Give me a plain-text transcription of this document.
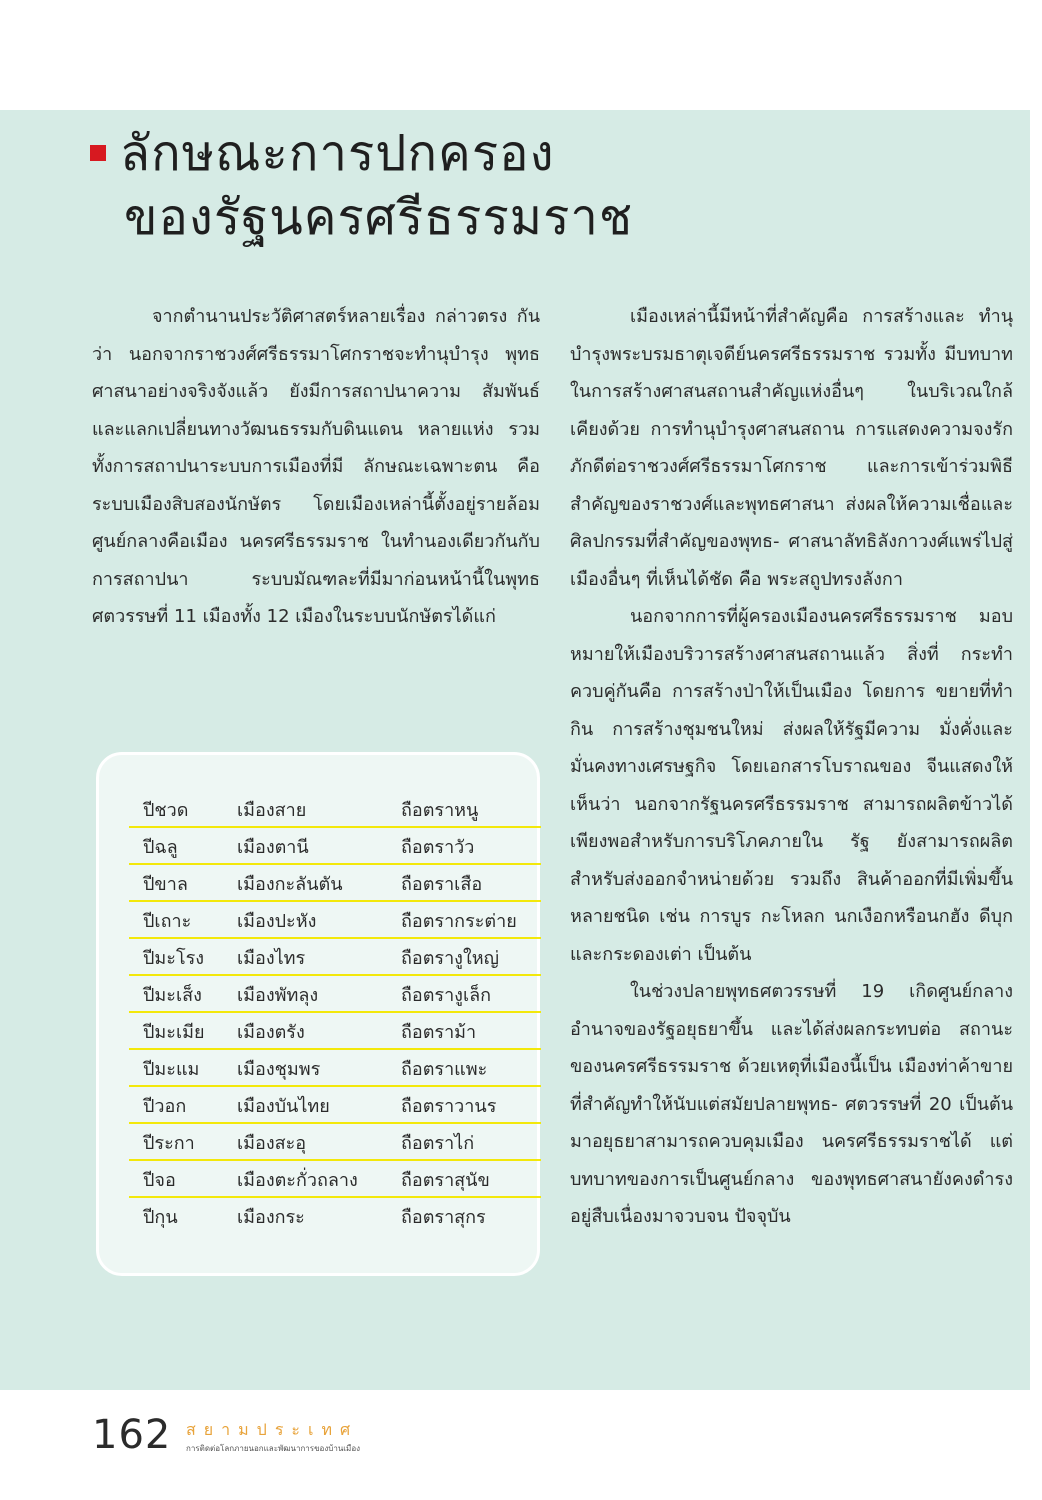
ลักษณะการปกครอง
ของรัฐนครศรีธรรมราช

จากตำนานประวัติศาสตร์หลายเรื่อง กล่าวตรง กันว่า นอกจากราชวงศ์ศรีธรรมาโศกราชจะทำนุบำรุง พุทธศาสนาอย่างจริงจังแล้ว ยังมีการสถาปนาความ สัมพันธ์และแลกเปลี่ยนทางวัฒนธรรมกับดินแดน หลายแห่ง รวมทั้งการสถาปนาระบบการเมืองที่มี ลักษณะเฉพาะตน คือ ระบบเมืองสิบสองนักษัตร โดยเมืองเหล่านี้ตั้งอยู่รายล้อมศูนย์กลางคือเมือง นครศรีธรรมราช ในทำนองเดียวกันกับการสถาปนา	ระบบมัณฑละที่มีมาก่อนหน้านี้ในพุทธศตวรรษที่ 11 เมืองทั้ง 12 เมืองในระบบนักษัตรได้แก่

เมืองเหล่านี้มีหน้าที่สำคัญคือ การสร้างและ ทำนุบำรุงพระบรมธาตุเจดีย์นครศรีธรรมราช รวมทั้ง มีบทบาทในการสร้างศาสนสถานสำคัญแห่งอื่นๆ ในบริเวณใกล้เคียงด้วย การทำนุบำรุงศาสนสถาน การแสดงความจงรักภักดีต่อราชวงศ์ศรีธรรมาโศกราช และการเข้าร่วมพิธีสำคัญของราชวงศ์และพุทธศาสนา ส่งผลให้ความเชื่อและศิลปกรรมที่สำคัญของพุทธ- ศาสนาลัทธิลังกาวงศ์แพร่ไปสู่เมืองอื่นๆ ที่เห็นได้ชัด คือ พระสถูปทรงลังกา

นอกจากการที่ผู้ครองเมืองนครศรีธรรมราช มอบหมายให้เมืองบริวารสร้างศาสนสถานแล้ว สิ่งที่ กระทำควบคู่กันคือ การสร้างป่าให้เป็นเมือง โดยการ ขยายที่ทำกิน การสร้างชุมชนใหม่ ส่งผลให้รัฐมีความ มั่งคั่งและมั่นคงทางเศรษฐกิจ โดยเอกสารโบราณของ จีนแสดงให้เห็นว่า นอกจากรัฐนครศรีธรรมราช สามารถผลิตข้าวได้เพียงพอสำหรับการบริโภคภายใน รัฐ ยังสามารถผลิตสำหรับส่งออกจำหน่ายด้วย รวมถึง สินค้าออกที่มีเพิ่มขึ้นหลายชนิด เช่น การบูร กะโหลก นกเงือกหรือนกฮัง ดีบุก และกระดองเต่า เป็นต้น

ในช่วงปลายพุทธศตวรรษที่ 19 เกิดศูนย์กลาง อำนาจของรัฐอยุธยาขึ้น และได้ส่งผลกระทบต่อ สถานะของนครศรีธรรมราช ด้วยเหตุที่เมืองนี้เป็น เมืองท่าค้าขายที่สำคัญทำให้นับแต่สมัยปลายพุทธ- ศตวรรษที่ 20 เป็นต้นมาอยุธยาสามารถควบคุมเมือง นครศรีธรรมราชได้ แต่บทบาทของการเป็นศูนย์กลาง ของพุทธศาสนายังคงดำรงอยู่สืบเนื่องมาจวบจน ปัจจุบัน

ปีชวด	เมืองสาย	ถือตราหนู
ปีฉลู	เมืองตานี	ถือตราวัว
ปีขาล	เมืองกะลันตัน	ถือตราเสือ
ปีเถาะ	เมืองปะหัง	ถือตรากระต่าย
ปีมะโรง เมืองไทร	ถือตรางูใหญ่
ปีมะเส็ง เมืองพัทลุง	ถือตรางูเล็ก
ปีมะเมีย เมืองตรัง	ถือตราม้า
ปีมะแม เมืองชุมพร	ถือตราแพะ
ปีวอก	เมืองบันไทย	ถือตราวานร
ปีระกา เมืองสะอุ	ถือตราไก่
ปีจอ	เมืองตะกั่วถลาง ถือตราสุนัข
ปีกุน	เมืองกระ	ถือตราสุกร
162 สยามประเทศ
การติดต่อโลกภายนอกและพัฒนาการของบ้านเมือง
